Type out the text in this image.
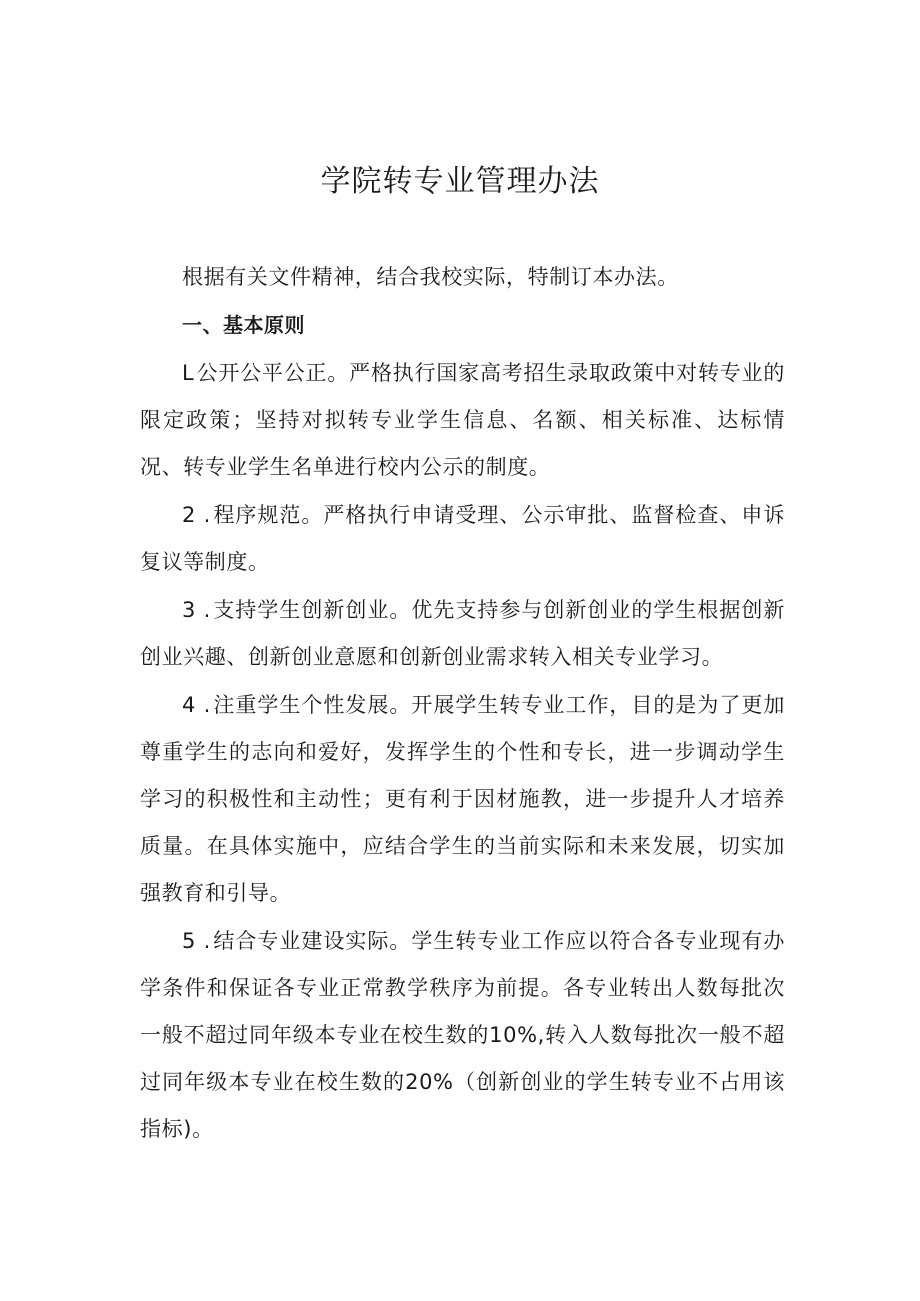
学院转专业管理办法

根据有关文件精神，结合我校实际，特制订本办法。

一、基本原则

L公开公平公正。严格执行国家高考招生录取政策中对转专业的限定政策；坚持对拟转专业学生信息、名额、相关标准、达标情况、转专业学生名单进行校内公示的制度。

2 .程序规范。严格执行申请受理、公示审批、监督检查、申诉复议等制度。

3 .支持学生创新创业。优先支持参与创新创业的学生根据创新创业兴趣、创新创业意愿和创新创业需求转入相关专业学习。

4 .注重学生个性发展。开展学生转专业工作，目的是为了更加尊重学生的志向和爱好，发挥学生的个性和专长，进一步调动学生学习的积极性和主动性；更有利于因材施教，进一步提升人才培养质量。在具体实施中，应结合学生的当前实际和未来发展，切实加强教育和引导。

5 .结合专业建设实际。学生转专业工作应以符合各专业现有办学条件和保证各专业正常教学秩序为前提。各专业转出人数每批次一般不超过同年级本专业在校生数的10%,转入人数每批次一般不超过同年级本专业在校生数的20%（创新创业的学生转专业不占用该指标)。
